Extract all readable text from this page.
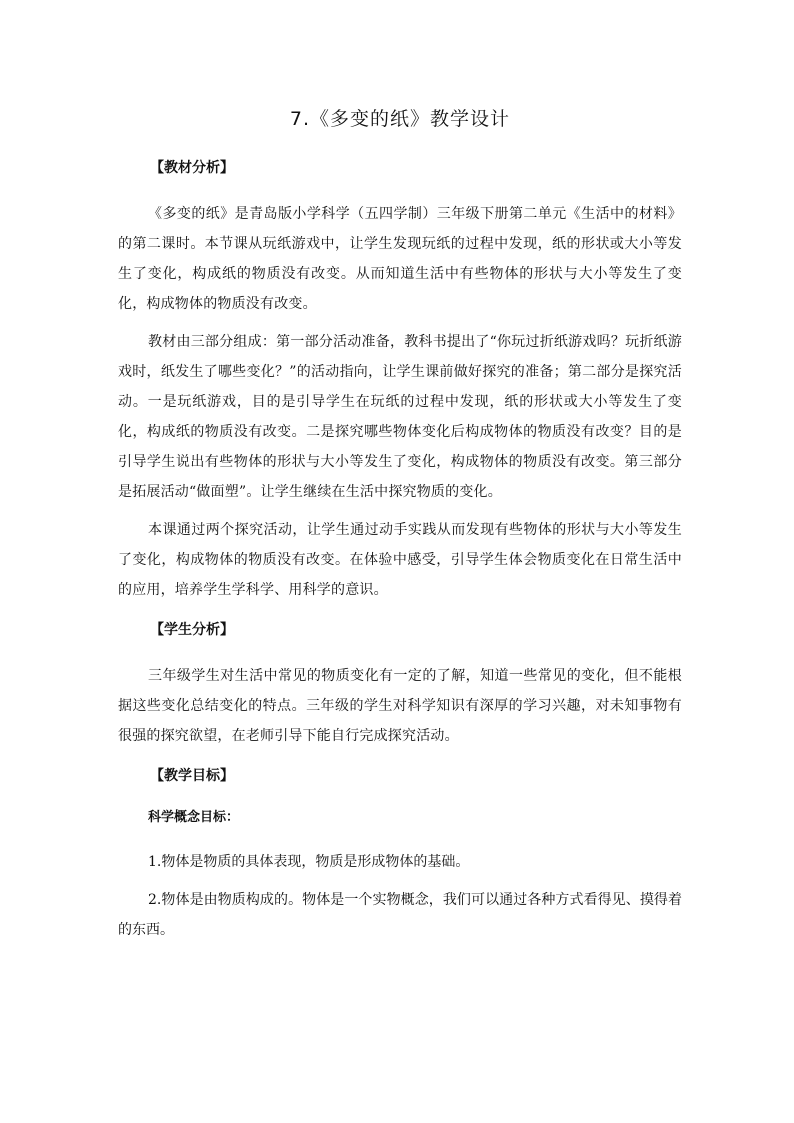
7.《多变的纸》教学设计
【教材分析】

《多变的纸》是青岛版小学科学（五四学制）三年级下册第二单元《生活中的材料》的第二课时。本节课从玩纸游戏中，让学生发现玩纸的过程中发现，纸的形状或大小等发生了变化，构成纸的物质没有改变。从而知道生活中有些物体的形状与大小等发生了变化，构成物体的物质没有改变。

教材由三部分组成：第一部分活动准备，教科书提出了“你玩过折纸游戏吗？玩折纸游戏时，纸发生了哪些变化？”的活动指向，让学生课前做好探究的准备；第二部分是探究活动。一是玩纸游戏，目的是引导学生在玩纸的过程中发现，纸的形状或大小等发生了变化，构成纸的物质没有改变。二是探究哪些物体变化后构成物体的物质没有改变？目的是引导学生说出有些物体的形状与大小等发生了变化，构成物体的物质没有改变。第三部分是拓展活动“做面塑”。让学生继续在生活中探究物质的变化。

本课通过两个探究活动，让学生通过动手实践从而发现有些物体的形状与大小等发生了变化，构成物体的物质没有改变。在体验中感受，引导学生体会物质变化在日常生活中的应用，培养学生学科学、用科学的意识。

【学生分析】

三年级学生对生活中常见的物质变化有一定的了解，知道一些常见的变化，但不能根据这些变化总结变化的特点。三年级的学生对科学知识有深厚的学习兴趣，对未知事物有很强的探究欲望，在老师引导下能自行完成探究活动。

【教学目标】
科学概念目标：

1.物体是物质的具体表现，物质是形成物体的基础。

2.物体是由物质构成的。物体是一个实物概念，我们可以通过各种方式看得见、摸得着的东西。
